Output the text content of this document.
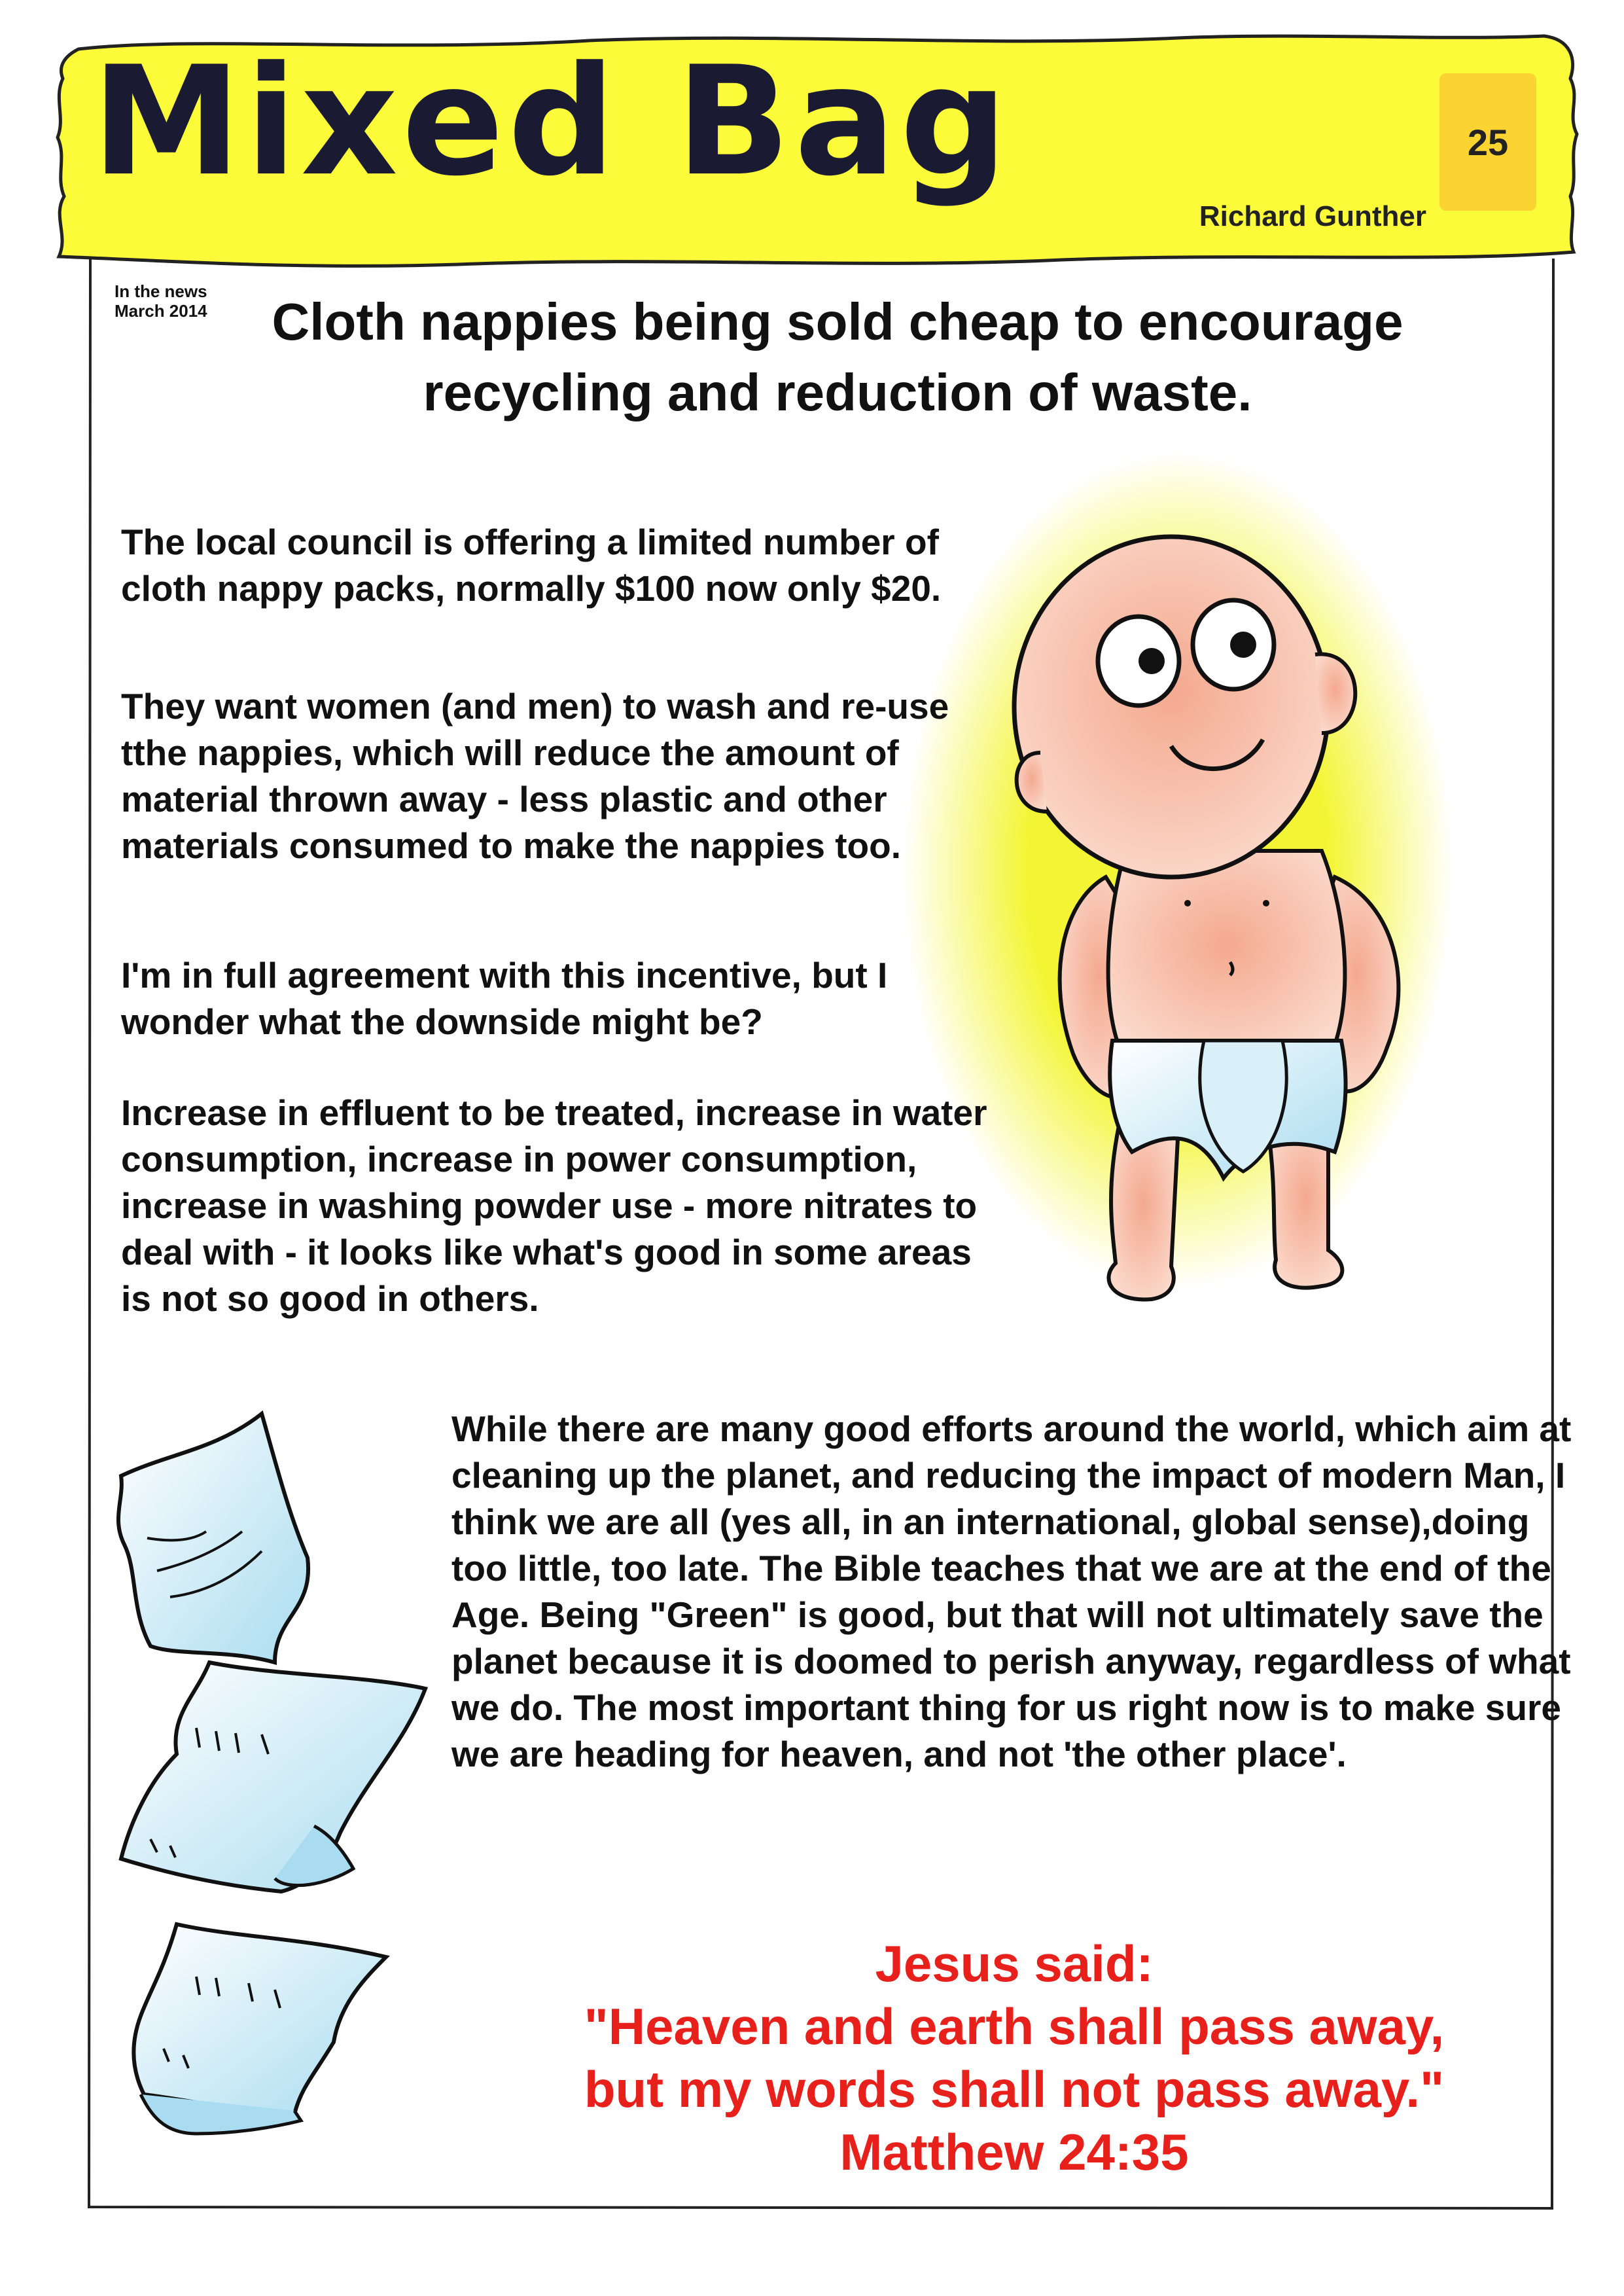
Mixed Bag	25
Richard Gunther
In the news
March 2014 Cloth nappies being sold cheap to encourage recycling and reduction of waste.
The local council is offering a limited number of cloth nappy packs, normally $100 now only $20.
They want women (and men) to wash and re-use tthe nappies, which will reduce the amount of material thrown away - less plastic and other materials consumed to make the nappies too.
I'm in full agreement with this incentive, but I wonder what the downside might be?
Increase in effluent to be treated, increase in water consumption, increase in power consumption, increase in washing powder use - more nitrates to deal with - it looks like what's good in some areas is not so good in others.
While there are many good efforts around the world, which aim at cleaning up the planet, and reducing the impact of modern Man, I think we are all (yes all, in an international, global sense),doing too little, too late. The Bible teaches that we are at the end of the Age. Being "Green" is good, but that will not ultimately save the planet because it is doomed to perish anyway, regardless of what we do. The most important thing for us right now is to make sure we are heading for heaven, and not 'the other place'.
Jesus said:
"Heaven and earth shall pass away,
but my words shall not pass away."
Matthew 24:35
